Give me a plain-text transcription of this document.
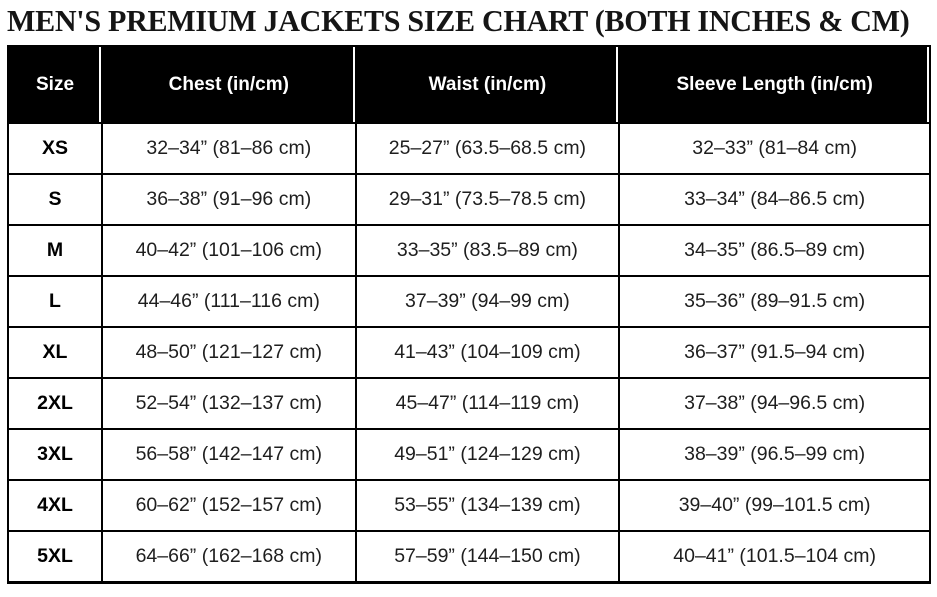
MEN'S PREMIUM JACKETS SIZE CHART (BOTH INCHES & CM)
Size	Chest (in/cm)	Waist (in/cm)	Sleeve Length (in/cm)
XS	32–34” (81–86 cm)	25–27” (63.5–68.5 cm)	32–33” (81–84 cm)
S	36–38” (91–96 cm)	29–31” (73.5–78.5 cm)	33–34” (84–86.5 cm)
M	40–42” (101–106 cm)	33–35” (83.5–89 cm)	34–35” (86.5–89 cm)
L	44–46” (111–116 cm)	37–39” (94–99 cm)	35–36” (89–91.5 cm)
XL	48–50” (121–127 cm)	41–43” (104–109 cm)	36–37” (91.5–94 cm)
2XL	52–54” (132–137 cm)	45–47” (114–119 cm)	37–38” (94–96.5 cm)
3XL	56–58” (142–147 cm)	49–51” (124–129 cm)	38–39” (96.5–99 cm)
4XL	60–62” (152–157 cm)	53–55” (134–139 cm)	39–40” (99–101.5 cm)
5XL	64–66” (162–168 cm)	57–59” (144–150 cm)	40–41” (101.5–104 cm)
